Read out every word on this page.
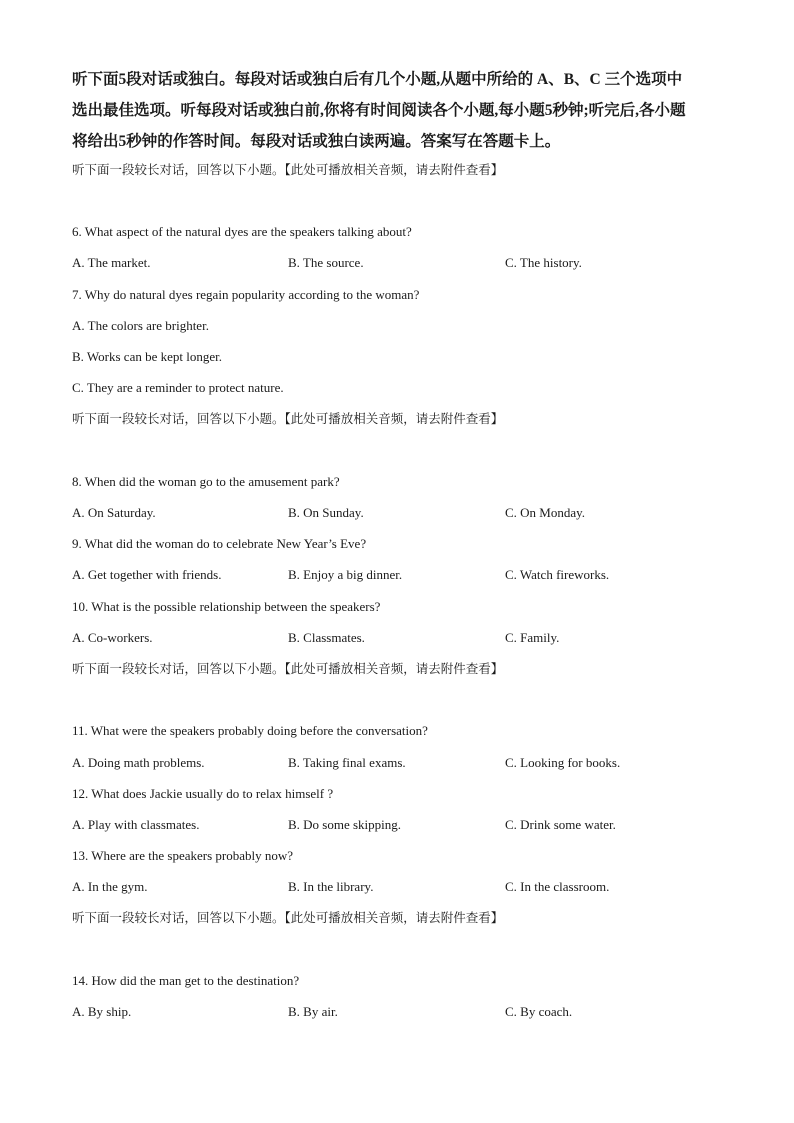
听下面5段对话或独白。每段对话或独白后有几个小题,从题中所给的 A、B、C 三个选项中

选出最佳选项。听每段对话或独白前,你将有时间阅读各个小题,每小题5秒钟;听完后,各小题

将给出5秒钟的作答时间。每段对话或独白读两遍。答案写在答题卡上。

听下面一段较长对话，回答以下小题。【此处可播放相关音频，请去附件查看】
6. What aspect of the natural dyes are the speakers talking about?
A. The market.	B. The source.	C. The history.
7. Why do natural dyes regain popularity according to the woman?
A. The colors are brighter.
B. Works can be kept longer.
C. They are a reminder to protect nature.
听下面一段较长对话，回答以下小题。【此处可播放相关音频，请去附件查看】
8. When did the woman go to the amusement park?
A. On Saturday.	B. On Sunday.	C. On Monday.
9. What did the woman do to celebrate New Year’s Eve?
A. Get together with friends.	B. Enjoy a big dinner.	C. Watch fireworks.
10. What is the possible relationship between the speakers?
A. Co-workers.	B. Classmates.	C. Family.
听下面一段较长对话，回答以下小题。【此处可播放相关音频，请去附件查看】
11. What were the speakers probably doing before the conversation?
A. Doing math problems.	B. Taking final exams.	C. Looking for books.
12. What does Jackie usually do to relax himself ?
A. Play with classmates.	B. Do some skipping.	C. Drink some water.
13. Where are the speakers probably now?
A. In the gym.	B. In the library.	C. In the classroom.
听下面一段较长对话，回答以下小题。【此处可播放相关音频，请去附件查看】
14. How did the man get to the destination?
A. By ship.	B. By air.	C. By coach.
